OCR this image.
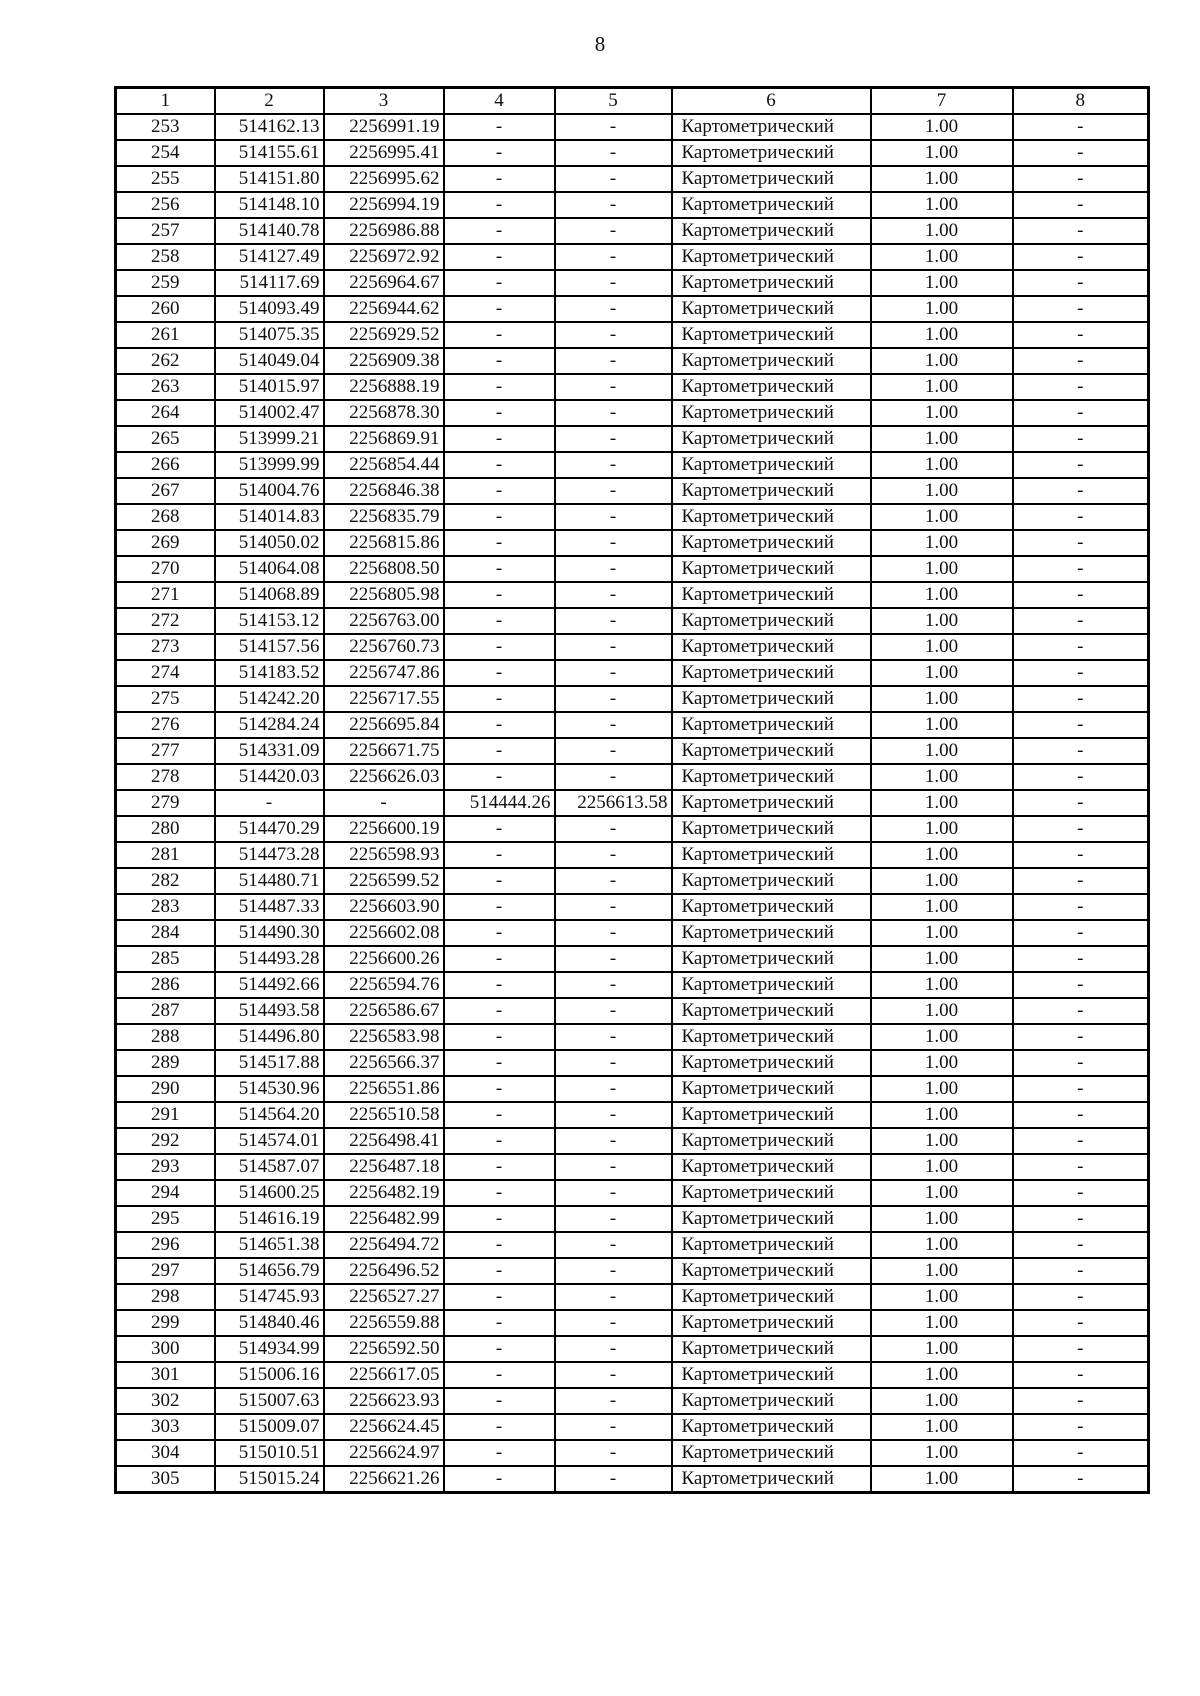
8
1	2	3	4	5	6	7	8
253	514162.13	2256991.19	-	-	Картометрический	1.00	-
254	514155.61	2256995.41	-	-	Картометрический	1.00	-
255	514151.80	2256995.62	-	-	Картометрический	1.00	-
256	514148.10	2256994.19	-	-	Картометрический	1.00	-
257	514140.78	2256986.88	-	-	Картометрический	1.00	-
258	514127.49	2256972.92	-	-	Картометрический	1.00	-
259	514117.69	2256964.67	-	-	Картометрический	1.00	-
260	514093.49	2256944.62	-	-	Картометрический	1.00	-
261	514075.35	2256929.52	-	-	Картометрический	1.00	-
262	514049.04	2256909.38	-	-	Картометрический	1.00	-
263	514015.97	2256888.19	-	-	Картометрический	1.00	-
264	514002.47	2256878.30	-	-	Картометрический	1.00	-
265	513999.21	2256869.91	-	-	Картометрический	1.00	-
266	513999.99	2256854.44	-	-	Картометрический	1.00	-
267	514004.76	2256846.38	-	-	Картометрический	1.00	-
268	514014.83	2256835.79	-	-	Картометрический	1.00	-
269	514050.02	2256815.86	-	-	Картометрический	1.00	-
270	514064.08	2256808.50	-	-	Картометрический	1.00	-
271	514068.89	2256805.98	-	-	Картометрический	1.00	-
272	514153.12	2256763.00	-	-	Картометрический	1.00	-
273	514157.56	2256760.73	-	-	Картометрический	1.00	-
274	514183.52	2256747.86	-	-	Картометрический	1.00	-
275	514242.20	2256717.55	-	-	Картометрический	1.00	-
276	514284.24	2256695.84	-	-	Картометрический	1.00	-
277	514331.09	2256671.75	-	-	Картометрический	1.00	-
278	514420.03	2256626.03	-	-	Картометрический	1.00	-
279	-	-	514444.26	2256613.58	Картометрический	1.00	-
280	514470.29	2256600.19	-	-	Картометрический	1.00	-
281	514473.28	2256598.93	-	-	Картометрический	1.00	-
282	514480.71	2256599.52	-	-	Картометрический	1.00	-
283	514487.33	2256603.90	-	-	Картометрический	1.00	-
284	514490.30	2256602.08	-	-	Картометрический	1.00	-
285	514493.28	2256600.26	-	-	Картометрический	1.00	-
286	514492.66	2256594.76	-	-	Картометрический	1.00	-
287	514493.58	2256586.67	-	-	Картометрический	1.00	-
288	514496.80	2256583.98	-	-	Картометрический	1.00	-
289	514517.88	2256566.37	-	-	Картометрический	1.00	-
290	514530.96	2256551.86	-	-	Картометрический	1.00	-
291	514564.20	2256510.58	-	-	Картометрический	1.00	-
292	514574.01	2256498.41	-	-	Картометрический	1.00	-
293	514587.07	2256487.18	-	-	Картометрический	1.00	-
294	514600.25	2256482.19	-	-	Картометрический	1.00	-
295	514616.19	2256482.99	-	-	Картометрический	1.00	-
296	514651.38	2256494.72	-	-	Картометрический	1.00	-
297	514656.79	2256496.52	-	-	Картометрический	1.00	-
298	514745.93	2256527.27	-	-	Картометрический	1.00	-
299	514840.46	2256559.88	-	-	Картометрический	1.00	-
300	514934.99	2256592.50	-	-	Картометрический	1.00	-
301	515006.16	2256617.05	-	-	Картометрический	1.00	-
302	515007.63	2256623.93	-	-	Картометрический	1.00	-
303	515009.07	2256624.45	-	-	Картометрический	1.00	-
304	515010.51	2256624.97	-	-	Картометрический	1.00	-
305	515015.24	2256621.26	-	-	Картометрический	1.00	-
